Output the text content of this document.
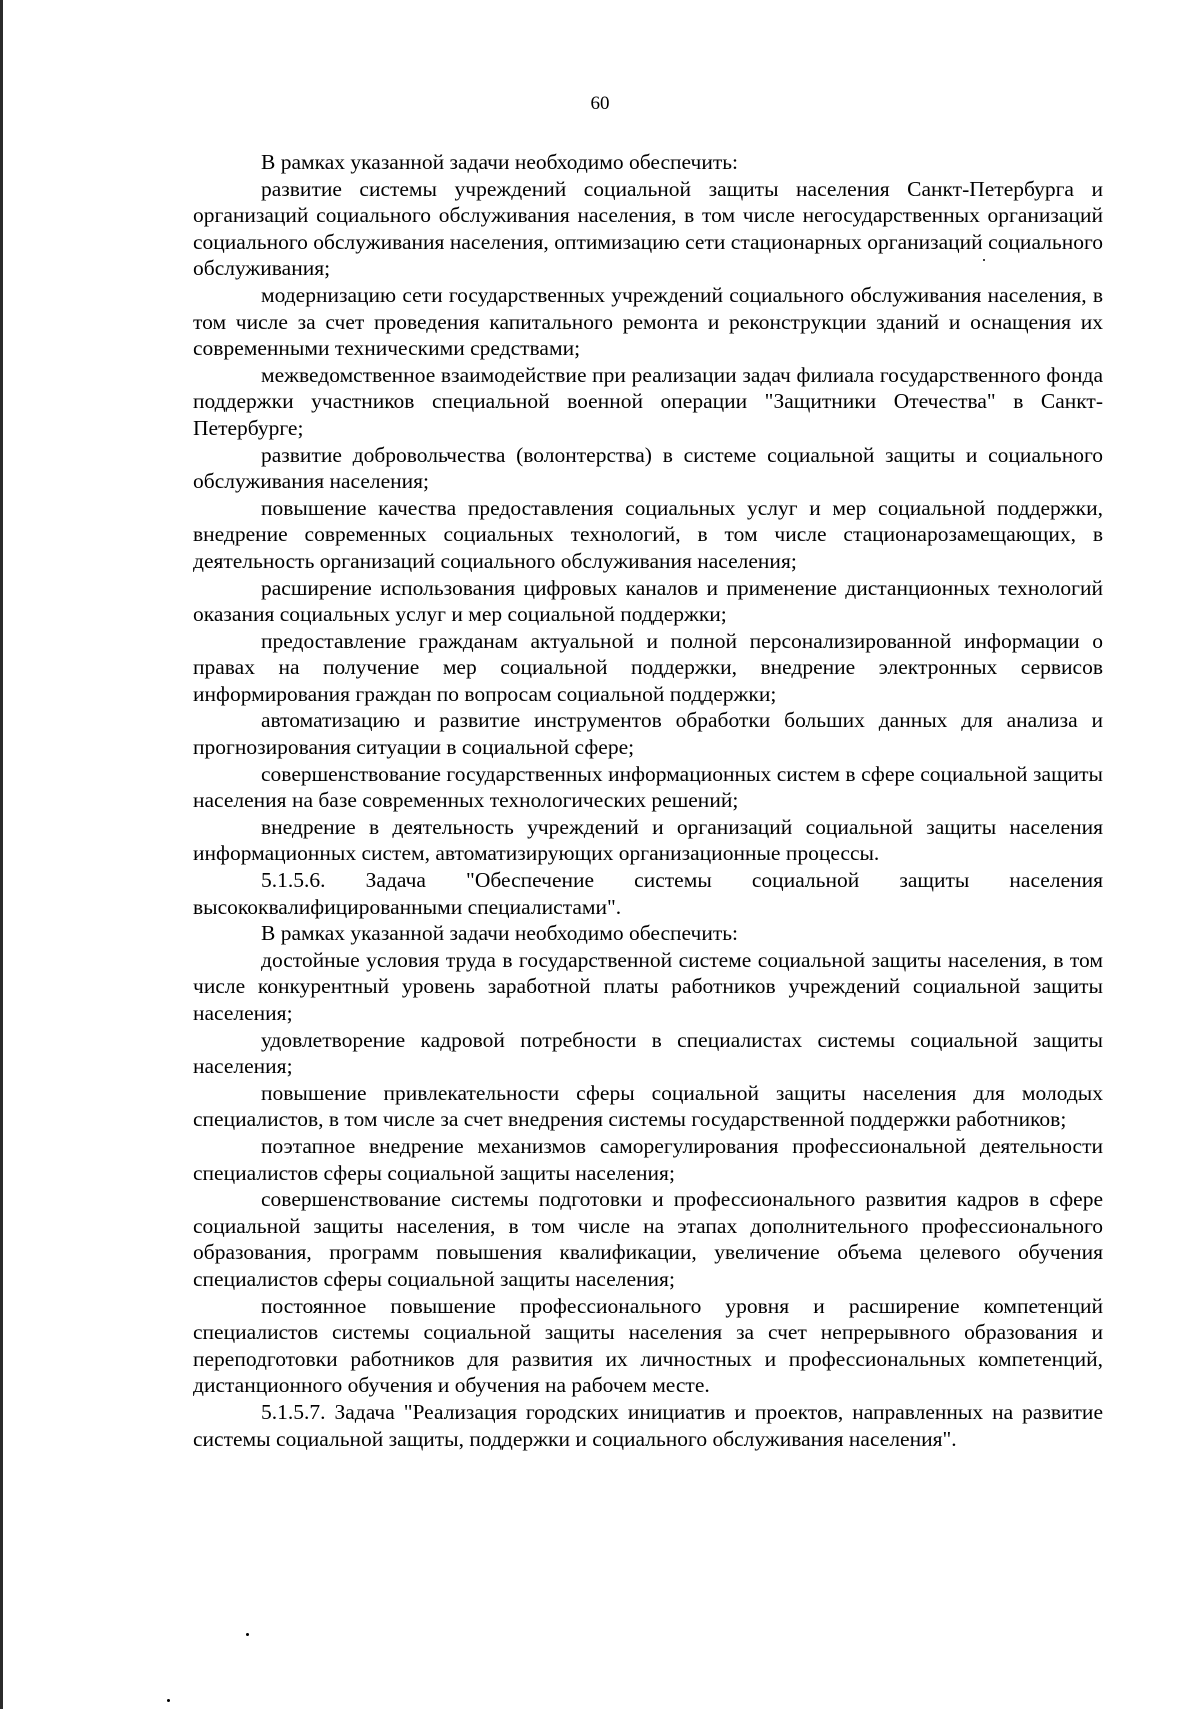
60

В рамках указанной задачи необходимо обеспечить:

развитие системы учреждений социальной защиты населения Санкт-Петербурга и организаций социального обслуживания населения, в том числе негосударственных организаций социального обслуживания населения, оптимизацию сети стационарных организаций социального обслуживания;

модернизацию сети государственных учреждений социального обслуживания населения, в том числе за счет проведения капитального ремонта и реконструкции зданий и оснащения их современными техническими средствами;

межведомственное взаимодействие при реализации задач филиала государственного фонда поддержки участников специальной военной операции "Защитники Отечества" в Санкт-Петербурге;

развитие добровольчества (волонтерства) в системе социальной защиты и социального обслуживания населения;

повышение качества предоставления социальных услуг и мер социальной поддержки, внедрение современных социальных технологий, в том числе стационарозамещающих, в деятельность организаций социального обслуживания населения;

расширение использования цифровых каналов и применение дистанционных технологий оказания социальных услуг и мер социальной поддержки;

предоставление гражданам актуальной и полной персонализированной информации о правах на получение мер социальной поддержки, внедрение электронных сервисов информирования граждан по вопросам социальной поддержки;

автоматизацию и развитие инструментов обработки больших данных для анализа и прогнозирования ситуации в социальной сфере;

совершенствование государственных информационных систем в сфере социальной защиты населения на базе современных технологических решений;

внедрение в деятельность учреждений и организаций социальной защиты населения информационных систем, автоматизирующих организационные процессы.

5.1.5.6. Задача "Обеспечение системы социальной защиты населения высококвалифицированными специалистами".

В рамках указанной задачи необходимо обеспечить:

достойные условия труда в государственной системе социальной защиты населения, в том числе конкурентный уровень заработной платы работников учреждений социальной защиты населения;

удовлетворение кадровой потребности в специалистах системы социальной защиты населения;

повышение привлекательности сферы социальной защиты населения для молодых специалистов, в том числе за счет внедрения системы государственной поддержки работников;

поэтапное внедрение механизмов саморегулирования профессиональной деятельности специалистов сферы социальной защиты населения;

совершенствование системы подготовки и профессионального развития кадров в сфере социальной защиты населения, в том числе на этапах дополнительного профессионального образования, программ повышения квалификации, увеличение объема целевого обучения специалистов сферы социальной защиты населения;

постоянное повышение профессионального уровня и расширение компетенций специалистов системы социальной защиты населения за счет непрерывного образования и переподготовки работников для развития их личностных и профессиональных компетенций, дистанционного обучения и обучения на рабочем месте.

5.1.5.7. Задача "Реализация городских инициатив и проектов, направленных на развитие системы социальной защиты, поддержки и социального обслуживания населения".
